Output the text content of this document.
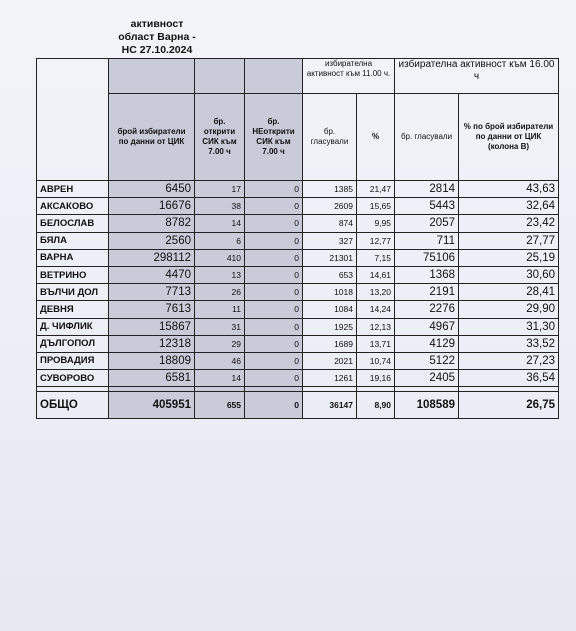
активност
област Варна -
НС 27.10.2024
				избирателна активност към 11.00 ч.		избирателна активност към 16.00 ч	
	брой избиратели по данни от ЦИК	бр. открити СИК към 7.00 ч	бр. НЕоткрити СИК към 7.00 ч	бр. гласували	%	бр. гласували	% по брой избиратели по данни от ЦИК (колона В)
АВРЕН	6450	17	0	1385	21,47	2814	43,63
АКСАКОВО	16676	38	0	2609	15,65	5443	32,64
БЕЛОСЛАВ	8782	14	0	874	9,95	2057	23,42
БЯЛА	2560	6	0	327	12,77	711	27,77
ВАРНА	298112	410	0	21301	7,15	75106	25,19
ВЕТРИНО	4470	13	0	653	14,61	1368	30,60
ВЪЛЧИ ДОЛ	7713	26	0	1018	13,20	2191	28,41
ДЕВНЯ	7613	11	0	1084	14,24	2276	29,90
Д. ЧИФЛИК	15867	31	0	1925	12,13	4967	31,30
ДЪЛГОПОЛ	12318	29	0	1689	13,71	4129	33,52
ПРОВАДИЯ	18809	46	0	2021	10,74	5122	27,23
СУВОРОВО	6581	14	0	1261	19,16	2405	36,54

ОБЩО	405951	655	0	36147	8,90	108589	26,75
